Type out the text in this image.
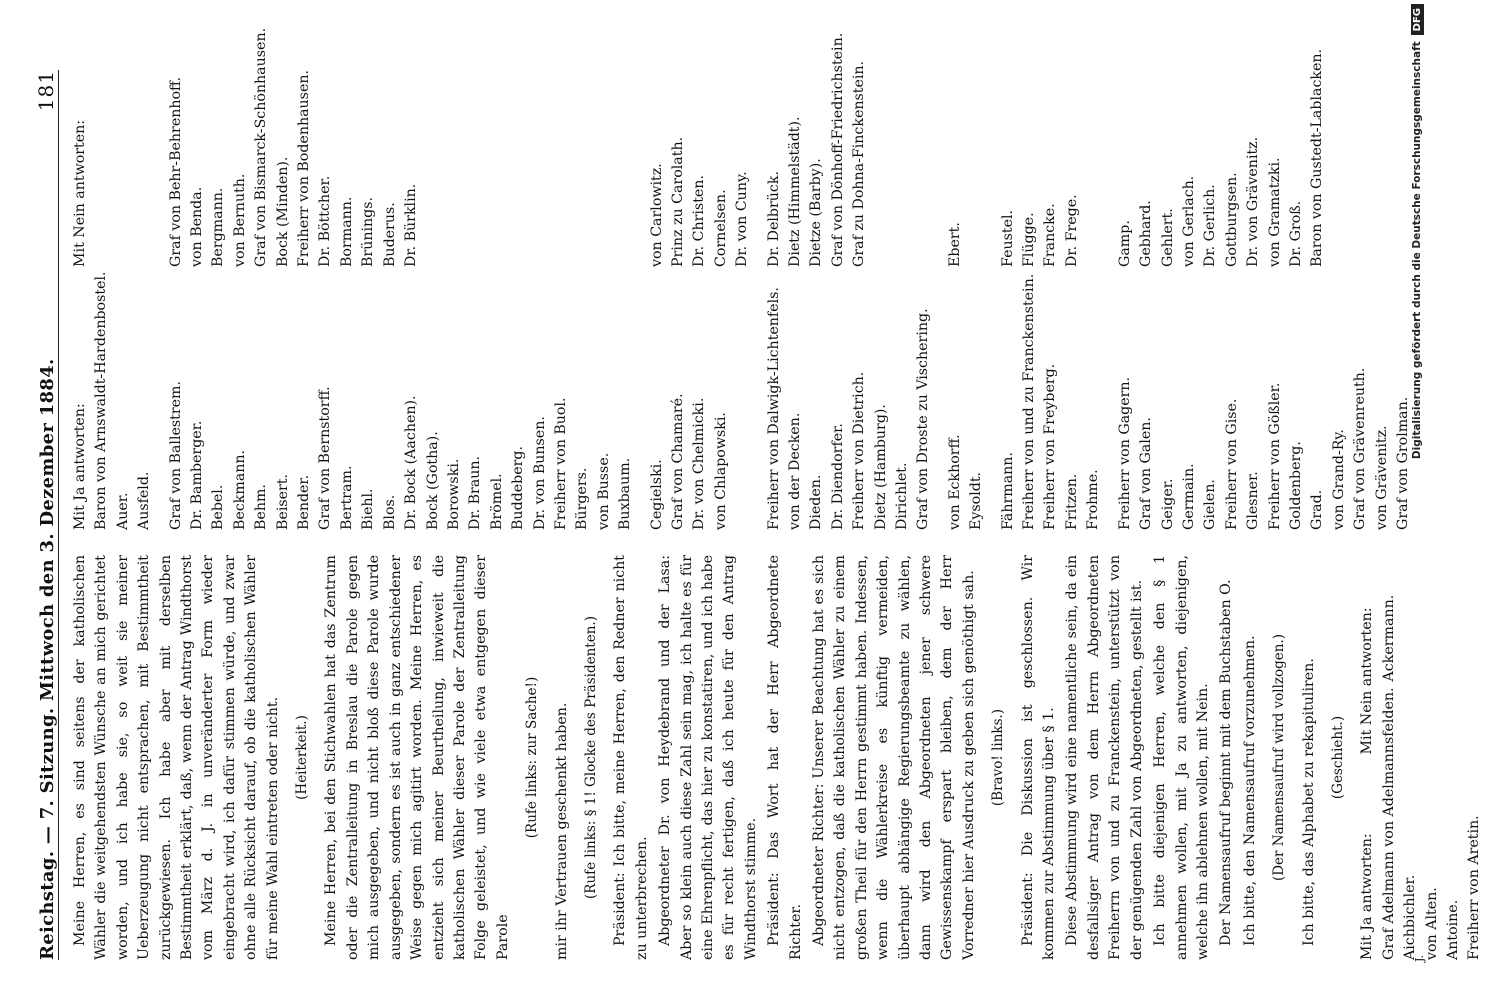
Reichstag. — 7. Sitzung. Mittwoch den 3. Dezember 1884.
181

Meine Herren, es sind seitens der katholischen Wähler die weitgehendsten Wünsche an mich gerichtet worden, und ich habe sie, so weit sie meiner Ueberzeugung nicht entsprachen, mit Bestimmtheit zurückgewiesen. Ich habe aber mit derselben Bestimmtheit erklärt, daß, wenn der Antrag Windthorst vom März d. J. in unveränderter Form wieder eingebracht wird, ich dafür stimmen würde, und zwar ohne alle Rücksicht darauf, ob die katholischen Wähler für meine Wahl eintreten oder nicht. (Heiterkeit.) Meine Herren, bei den Stichwahlen hat das Zentrum oder die Zentralleitung in Breslau die Parole gegen mich ausgegeben, und nicht bloß diese Parole wurde ausgegeben, sondern es ist auch in ganz entschiedener Weise gegen mich agitirt worden. Meine Herren, es entzieht sich meiner Beurtheilung, inwieweit die katholischen Wähler dieser Parole der Zentralleitung Folge geleistet, und wie viele etwa entgegen dieser Parole

(Rufe links: zur Sache!) mir ihr Vertrauen geschenkt haben. (Rufe links: § 1! Glocke des Präsidenten.) Präsident: Ich bitte, meine Herren, den Redner nicht zu unterbrechen. Abgeordneter Dr. von Heydebrand und der Lasa: Aber so klein auch diese Zahl sein mag, ich halte es für eine Ehrenpflicht, das hier zu konstatiren, und ich habe es für recht fertigen, daß ich heute für den Antrag Windthorst stimme. Präsident: Das Wort hat der Herr Abgeordnete Richter. Abgeordneter Richter: Unserer Beachtung hat es sich nicht entzogen, daß die katholischen Wähler zu einem großen Theil für den Herrn gestimmt haben. Indessen, wenn die Wählerkreise es künftig vermeiden, überhaupt abhängige Regierungsbeamte zu wählen, dann wird den Abgeordneten jener schwere Gewissenskampf erspart bleiben, dem der Herr Vorredner hier Ausdruck zu geben sich genöthigt sah. (Bravo! links.) Präsident: Die Diskussion ist geschlossen. Wir kommen zur Abstimmung über § 1. Diese Abstimmung wird eine namentliche sein, da ein desfallsiger Antrag von dem Herrn Abgeordneten Freiherrn von und zu Franckenstein, unterstützt von der genügenden Zahl von Abgeordneten, gestellt ist. Ich bitte diejenigen Herren, welche den § 1 annehmen wollen, mit Ja zu antworten, diejenigen, welche ihn ablehnen wollen, mit Nein. Der Namensaufruf beginnt mit dem Buchstaben O. Ich bitte, den Namensaufruf vorzunehmen. (Der Namensaufruf wird vollzogen.) Ich bitte, das Alphabet zu rekapituliren. (Geschieht.)

Mit Ja antworten:
Mit Nein antworten:
Graf Adelmann von Adelmannsfelden. Aichbichler. von Alten. Antoine. Freiherr von Aretin.
Ackermann.
Mit Ja antworten:
Mit Nein antworten:
Baron von Arnswaldt-Hardenbostel. Auer. Ausfeld. Graf von Ballestrem. Dr. Bamberger. Bebel. Beckmann. Behm. Beisert. Bender. Graf von Bernstorff. Bertram. Biehl. Blos. Dr. Bock (Aachen). Bock (Gotha). Borowski. Dr. Braun. Brömel. Buddeberg. Dr. von Bunsen. Freiherr von Buol. Bürgers. von Busse. Buxbaum.
Graf von Behr-Behrenhoff. von Benda. Bergmann. von Bernuth. Graf von Bismarck-Schönhausen. Bock (Minden). Freiherr von Bodenhausen. Dr. Böttcher. Bormann. Brünings. Buderus. Dr. Bürklin.
Cegielski. Graf von Chamaré. Dr. von Chelmicki. von Chlapowski.
von Carlowitz. Prinz zu Carolath. Dr. Christen. Cornelsen. Dr. von Cuny.
Freiherr von Dalwigk-Lichtenfels. von der Decken. Dieden. Dr. Diendorfer. Freiherr von Dietrich. Dietz (Hamburg). Dirichlet. Graf von Droste zu Vischering.
Dr. Delbrück. Dietz (Himmelstädt). Dietze (Barby). Graf von Dönhoff-Friedrichstein. Graf zu Dohna-Finckenstein.
von Eckhorff. Eysoldt.
Ebert.
Fährmann. Freiherr von und zu Franckenstein. Freiherr von Freyberg. Fritzen. Frohme.
Feustel. Flügge. Francke. Dr. Frege.
Freiherr von Gagern. Graf von Galen. Geiger. Germain. Gielen. Freiherr von Gise. Glesner. Freiherr von Gößler. Goldenberg. Grad. von Grand-Ry. Graf von Grävenreuth. von Grävenitz. Graf von Grolman.
Gamp. Gebhard. Gehlert. von Gerlach. Dr. Gerlich. Gottburgsen. Dr. von Grävenitz. von Gramatzki. Dr. Groß. Baron von Gustedt-Lablacken.
J.
Digitalisierung gefördert durch die Deutsche Forschungsgemeinschaft
DFG
